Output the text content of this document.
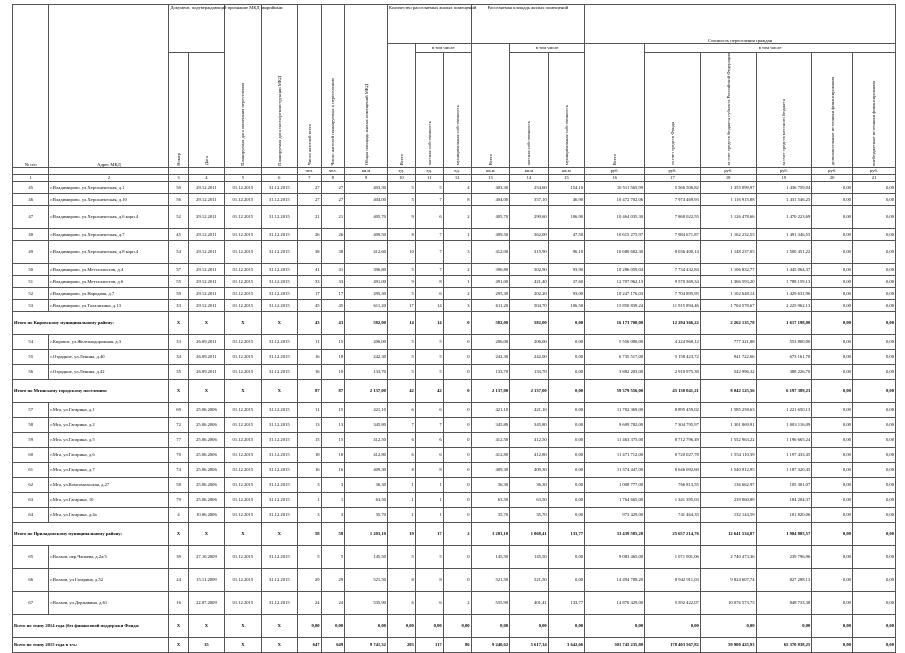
№ п/п	Адрес МКД	Документ, подтверждающий признание МКД аварийным		Планируемая дата окончания переселения	Планируемая дата сноса/реконструкции МКД	Число жителей всего	Число жителей планируемых к переселению	Общая площадь жилых помещений МКД	Количество расселяемых жилых помещений			Расселяемая площадь жилых помещений			Стоимость переселения граждан					
									Всего	в том числе		Всего	в том числе		Всего	в том числе				
		Номер	Дата							частная собственность	муниципальная собственность		частная собственность	муниципальная собственность		за счет средств Фонда	за счет средств бюджета субъекта Российской Федерации	за счет средств местного бюджета	дополнительные источники финансирования	внебюджетные источники финансирования
						чел.	чел.	кв.м	ед.	ед.	ед.	кв.м	кв.м	кв.м	руб.	руб.	руб.	руб.	руб.	руб.
1	2	3	4	5	6	7	8	9	10	11	12	13	14	15	16	17	18	19	20	21
45	г.Владимирово, ул.Херсонектская, д.1	50	29.12.2011	01.12.2015	31.12.2015	27	27	403,30	5	5	4	403,30	254,60	154,10	10 511 565,99	5 566 506,82	1 355 099,97	1 436 759,04	0,00	0,00
46	г.Владимирово, ул.Херсонектская, д.10	56	29.12.2011	01.12.2015	31.12.2015	27	27	404,00	5	7	8	404,00	357,10	46,90	10 472 702,06	7 974 469,93	1 116 915,88	1 431 546,25	0,00	0,00
47	г.Владимирово, ул.Херсонектская, д.6 корп.4	52	29.12.2011	01.12.2015	31.12.2015	21	21	405,70	9	6	2	405,70	299,60	106,90	10 464 035,30	7 868 022,55	1 126 478,66	1 470 223,69	0,00	0,00
48	г.Владимирово, ул.Херсонектская, д.7	45	29.12.2011	01.12.2015	31.12.2015	26	26	409,50	8	7	1	409,50	362,00	47,50	10 615 275,97	7 984 671,87	1 162 232,55	1 491 346,55	0,00	0,00
49	г.Владимирово, ул.Херсонектская, д.8 корп.4	54	29.12.2011	01.12.2015	31.12.2015	38	38	412,60	10	7	3	412,00	315,90	96,10	10 680 682,30	8 036 400,14	1 148 237,05	1 500 451,22	0,00	0,00
50	г.Владимирово, ул.Метталлистов, д.4	57	29.12.2011	01.12.2015	31.12.2015	41	41	396,80	5	7	2	396,80	302,90	93,90	10 286 059,04	7 734 432,84	1 106 832,77	1 445 064,37	0,00	0,00
51	г.Владимирово, ул.Метталлистов, д.6	55	29.12.2011	01.12.2015	31.12.2015	33	33	491,00	9	8	1	491,00	421,40	37,60	12 707 962,13	9 570 369,34	1 366 593,20	1 788 159,13	0,00	0,00
52	г.Владимирово, ул.Народная, д.7	59	29.12.2011	01.12.2015	31.12.2015	17	17	295,30	5	6	2	295,30	202,20	93,00	10 247 176,03	7 704 895,95	1 102 648,14	1 429 631,96	0,00	0,00
53	г.Владимирово, ул.Талалихина, д.13	33	29.12.2011	01.12.2015	31.12.2015	45	45	611,20	17	14	3	611,20	504,70	106,50	15 850 839,24	11 915 894,46	1 704 578,67	2 225 962,13	0,00	0,00
Итого по Кировскому муниципальному району:		X	X	X	X	43	43	582,00	14	14	0	582,00	582,00	0,00	16 173 700,00	12 294 366,22	2 262 135,78	1 617 198,00	0,00	0,00
54	г.Кировск, ул.Железнодорожная, д.3	33	26.09.2011	01.12.2015	31.12.2015	11	15	206,00	5	5	0	206,00	206,00	0,00	5 556 000,00	4 224 968,12	777 321,88	553 800,00	0,00	0,00
55	г.Отрадное, ул.Ленина, д.40	34	26.09.2011	01.12.2015	31.12.2015	16	18	242,30	5	5	0	242,30	242,00	0,00	6 735 517,00	5 158 423,72	941 722,66	673 161,70	0,00	0,00
56	г.Отрадное, ул.Ленина, д.42	35	26.09.2011	01.12.2015	31.12.2015	16	10	133,70	5	5	0	133,70	133,70	0,00	3 882 203,00	2 910 975,38	542 996,32	388 226,70	0,00	0,00
Итого по Мгинскому городскому поселению:		X	X	X	X	87	87	2 137,00	42	42	0	2 137,00	2 137,00	0,00	59 379 556,00	45 130 041,21	8 042 125,56	6 197 389,23	0,00	0,00
57	г.Мга, ул.Гагарина, д.1	69	25.06.2006	01.12.2015	31.12.2015	11	15	421,10	6	6	0	421,10	421,10	0,00	11 702 369,00	8 895 459,02	1 585 258,63	1 221 650,13	0,00	0,00
58	г.Мга, ул.Гагарина, д.2	72	25.06.2006	01.12.2015	31.12.2015	13	13	345,80	7	7	0	345,80	345,80	0,00	9 609 782,00	7 304 795,97	1 301 869,91	1 003 116,09	0,00	0,00
59	г.Мга, ул.Гагарина, д.5	77	25.06.2006	01.12.2015	31.12.2015	15	15	412,50	6	6	0	412,50	412,50	0,00	11 463 375,00	8 712 796,49	1 552 963,22	1 196 665,24	0,00	0,00
60	г.Мга, ул.Гагарина, д.6	70	25.06.2006	01.12.2015	31.12.2015	18	18	412,80	6	6	0	412,80	412,80	0,00	11 471 712,00	8 720 027,78	1 554 110,39	1 197 433,45	0,00	0,00
61	г.Мга, ул.Гагарина, д.7	74	25.06.2006	01.12.2015	31.12.2015	16	16	409,30	8	8	0	409,30	409,30	0,00	11 374 447,00	8 646 092,60	1 540 912,95	1 187 320,45	0,00	0,00
62	г.Мга, ул.Комсомольская, д.27	58	25.06.2006	01.12.2015	31.12.2015	3	3	36,30	1	1	0	36,30	36,30	0,00	1 008 777,00	766 813,55	136 662,97	105 301,07	0,00	0,00
63	г.Мга, ул.Гагарина, 10	79	25.06.2006	01.12.2015	31.12.2015	1	1	63,50	1	1	0	63,50	63,50	0,00	1 764 665,00	1 341 395,03	239 060,89	184 204,37	0,00	0,00
64	г.Мга, ул.Гагарина, д.4а	4	10.06.2006	01.12.2015	31.12.2015	3	3	35,70	1	1	0	35,70	35,70	0,00	973 429,00	741 464,35	132 144,59	101 820,06	0,00	0,00
Итого по Приладожскому муниципальному району:		X	X	X	X	58	58	1 203,10	19	17	2	1 203,10	1 068,41	133,77	33 439 585,20	25 657 214,76	12 641 534,87	1 904 805,57	0,00	0,00
65	г.Волхов, пер.Чапаева, д.2а/3	39	27.10.2009	01.12.2015	31.12.2015	5	5	145,50	5	5	0	145,50	145,50	0,00	9 083 465,00	1 071 901,06	2 740 473,36	239 796,96	0,00	0,00
66	г.Волхов, ул.Гагарина, д.52	24	15.11.2009	01.12.2015	31.12.2015	29	29	521,50	8	8	0	521,50	521,50	0,00	14 494 708,20	8 942 911,03	9 824 607,74	827 288,13	0,00	0,00
67	г.Волхов, ул.Державина, д.61	16	22.07.2009	01.12.2015	31.12.2015	24	24	535,90	6	6	2	535,90	401,41	133,77	14 870 429,00	5 592 422,07	10 076 573,75	848 733,38	0,00	0,00
Всего по этапу 2014 года (без финансовой поддержки Фонда:		X	X	X	X	0,00	0,00	0,00	0,00	0,00	0,00	0,00	0,00	0,00	0,00	0,00	0,00	0,00	0,00	0,00
Всего по этапу 2015 года в т.ч.:		X	35	X	X	647	649	9 741,32	203	117	86	9 240,62	5 617,34	3 642,66	301 745 235,80	178 403 567,82	59 900 425,93	65 370 838,25	0,00	0,00
